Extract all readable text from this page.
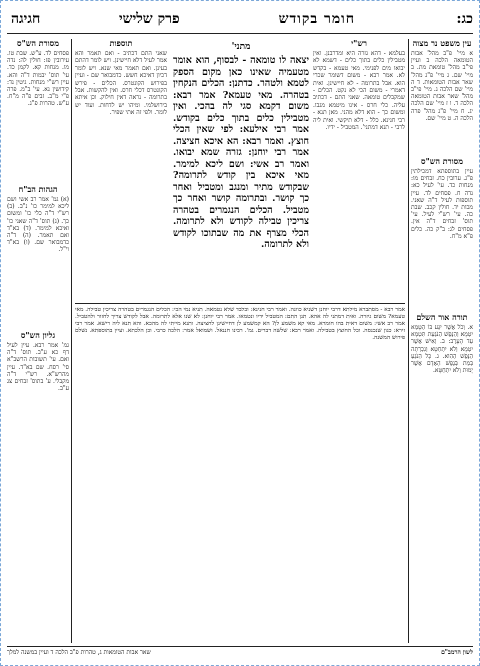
כג:
חומר בקודש
פרק שלישי
חגיגה
עין משפט נר מצוה
א מיי' פ"ב מהל' אבות הטומאה הלכה ב ועיין פי"ב מהל' טומאת מת. ב מיי' שם. ג מיי' פ"ג מהל' שאר אבות הטומאות. ד ה מיי' שם הלכה ג. מיי' פי"ב מהל' שאר אבות הטומאה הלכה ד. ו ז מיי' שם הלכה יג. ח מיי' פ"ג מהל' פרה הלכה ה. ט מיי' שם.
מסורת הש"ס
עיין בתוספתא דמכילתין פ"ג. ערובין כח. זבחים מו: מנחות כד. עי' לעיל כא: נדה ח. פסחים לד. עיין תוספות לעיל ד"ה שאני. מכות יד. חולין קכב. שבת כה. עי' רש"י לעיל. עי' תוס' זבחים ד"ה אין. פסחים לג: ב"ק כה. כלים פ"א מ"ח.
תורה אור השלם
א. וְכֹל אֲשֶׁר יִגַּע בּוֹ הַטָּמֵא יִטְמָא וְהַנֶּפֶשׁ הַנֹּגַעַת תִּטְמָא עַד הָעָרֶב: ב. וְאִישׁ אֲשֶׁר יִטְמָא וְלֹא יִתְחַטָּא וְנִכְרְתָה הַנֶּפֶשׁ הַהִוא. ג. כָּל הַנֹּגֵעַ בְּמֵת בְּנֶפֶשׁ הָאָדָם אֲשֶׁר יָמוּת וְלֹא יִתְחַטָּא.
מסורת הש"ס
פסחים לד. ע"ש. שבת טו. עירובין פז: חולין לה: נדה מו. מנחות קא. לקמן כד. עי' תוס' יבמות ד"ה והא. עיין רש"י מנחות. גיטין נד: קידושין נא. עי' ב"מ. פרה פ"י מ"ב. זבים פ"ה מ"ח. ע"ש. טהרות פ"ג.
הגהות הב"ח
(א) גמ' אמר רב אשי ושם ליכא למימר כו' נ"ב. (ב) רש"י ד"ה כלי כו' ומשום כך. (ג) תוס' ד"ה שאני כו' ואיכא למימר. (ד) בא"ד ואם תאמר. (ה) ד"ה כדמבואר שם. (ו) בא"ד וי"ל.
גליון הש"ס
גמ' אמר רבא. עיין לעיל דף כא ע"ב. תוס' ד"ה ואם. עי' תשובות הרשב"א סי' רסח. שם בא"ד. עיין מהרש"א. רש"י ד"ה מקבלי. ע' בתוס' זבחים צג ע"ב.
רש"י
בעלמא - דהא גזרה היא ומדרבנן. ואין מטבילין כלים בתוך כלים - דשמא לא יבואו מים לפנימי. מאי טעמא - בקדש לא. אמר רבא - משום דשומר שכרי הוא. אבל בתרומה - לא חיישינן. ואית דאמרי - משום הכי לא נקט. הכלים - שמקבלים טומאה. שאני התם - דכתיב עליה. כלי חרס - אינו מיטמא מגבו. ומשום כך - הוא דלא מהני. מאן תנא - רבי חנינא. כלל - דלא תיקשי. ואית ליה לרבי - תנא דמתני'. המטביל - ידיו.
תוספות
שאני התם דכתיב - ואם תאמר והא אמר לעיל דלא חיישינן. ויש לומר דהתם בעינן. ואם תאמר מאי שנא. ויש לומר דכיון דאיכא חשש. כדמבואר שם - ועיין בפירוש הקונטרס. הכלים - פירש הקונטרס דכלי חרס. ואין להקשות. אבל בתרומה - נראה דאין חילוק. וכן איתא בירושלמי. ומיהו יש לדחות. ועוד יש לומר. ולפי זה אתי שפיר.
מתני'
יצאה לו טומאה - לבסוף, הוא אומר מטעמיה שאינו כאן מקום הספק לטמא ולטהר. כדתנן: הכלים הנקחין בטהרה. מאי טעמא? אמר רבא: משום דקמא סגי לה בהכי. ואין מטבילין כלים בתוך כלים בקודש. אמר רבי אילעא: לפי שאין הכלי חוצץ. ואמר רבא: הא איכא חציצה. אמר רבי יוחנן: גזרה שמא יבואו. ואמר רב אשי: ושם ליכא למימר. מאי איכא בין קודש לתרומה? שבקודש מתיר ומנגב ומטביל ואחר כך קושר. ובתרומה קושר ואחר כך מטביל. הכלים הנגמרים בטהרה צריכין טבילה לקודש ולא לתרומה. הכלי מצרף את מה שבתוכו לקודש ולא לתרומה.
אמר רבא - מסתברא מילתא דרבי יוחנן דשניא כוונה. ואמר רבי חנינא: ובלבד שלא נטמאה. תניא נמי הכי: הכלים הנגמרים בטהרה צריכין טבילה. מאי טעמא? משום גיזרה. ואית דמתני לה אהא. תנן התם: המטביל ידיו ונטמאו. אמר רבי יוחנן: לא שנו אלא לתרומה. אבל לקודש צריך לחזור ולהטביל. אמר רב אשי: משום דאית בהו חומרא. מאי קא משמע לן? הא קמשמע לן דחיישינן לחציצה. ותנא מייתי לה מהכא. והא תנא ליה רישא. אמר רבי זירא: כגון שנכנסה. וכל החוצץ בטבילה. ואמר רבא: שלשה דברים. גמ'. רבינו חננאל. ושמואל אמר: הלכה כרבי. וכן הלכתא. ועיין בתוספתא. נשלם פירוש המשנה.
לשון הרמב"ם
שאר אבות הטומאות ג, טהרות פ"ב הלכה ד ועיין במשנה למלך
